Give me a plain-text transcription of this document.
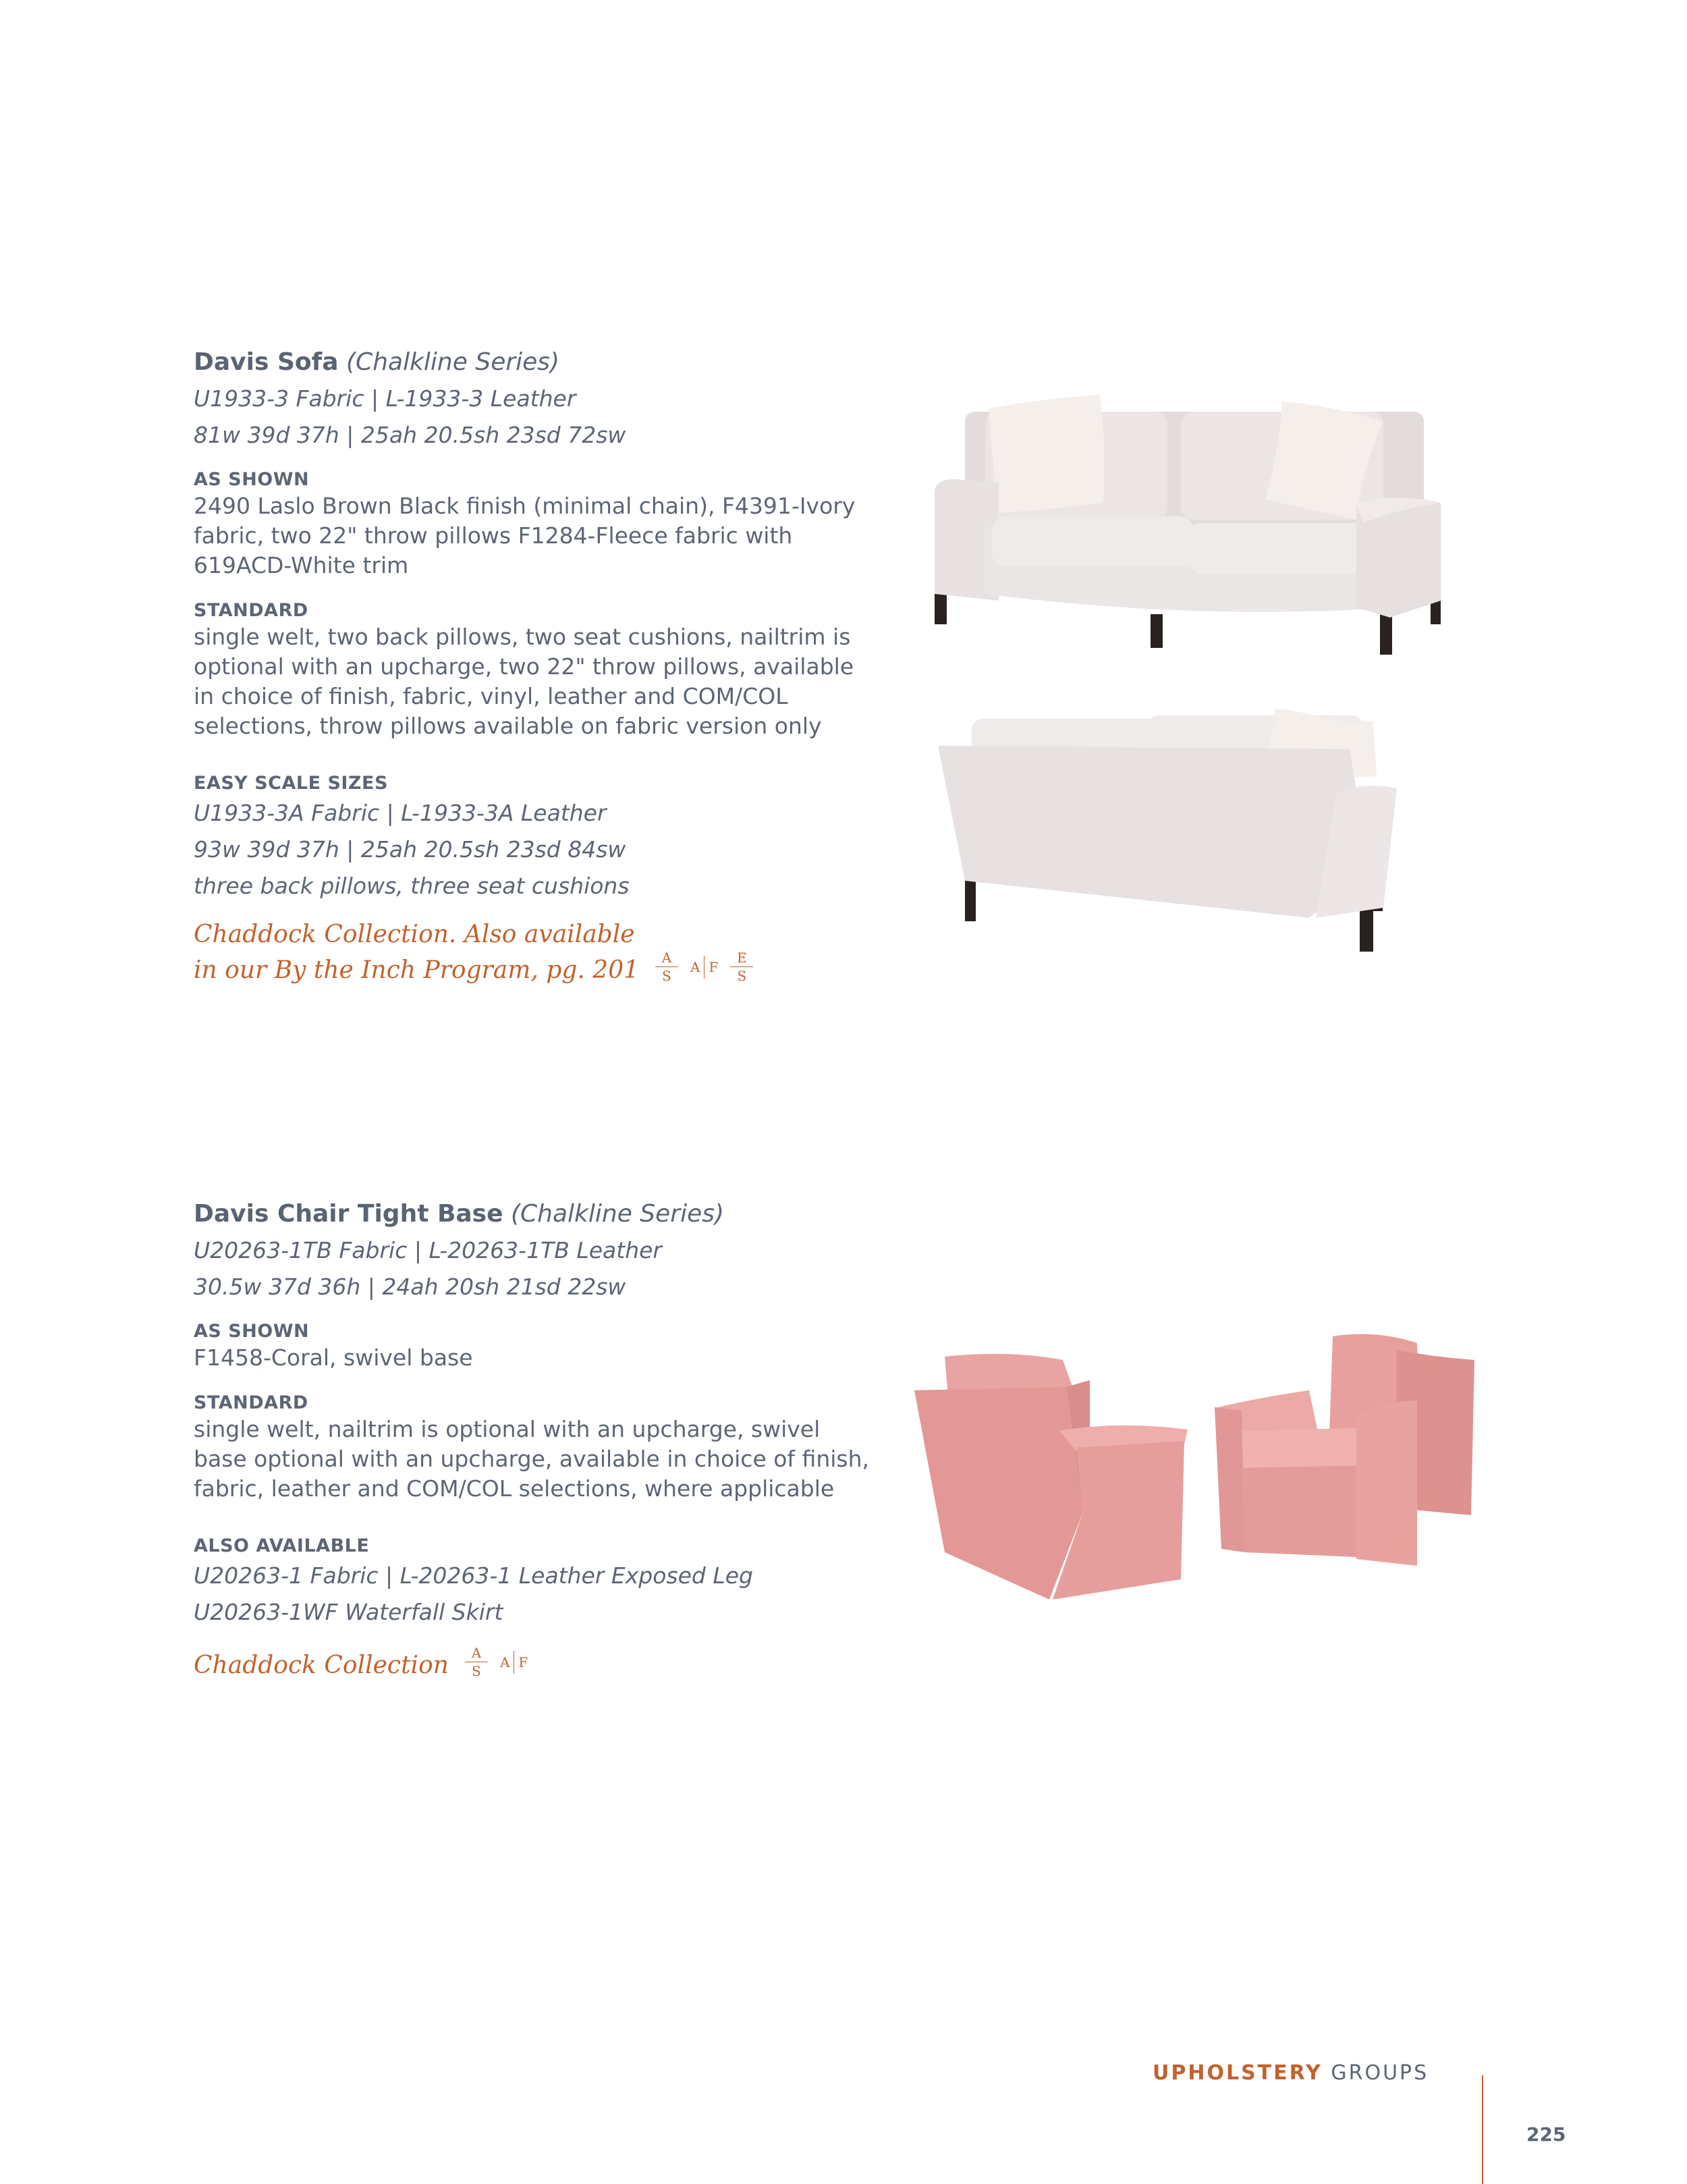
Davis Sofa (Chalkline Series)
U1933-3 Fabric | L-1933-3 Leather
81w 39d 37h | 25ah 20.5sh 23sd 72sw

AS SHOWN

2490 Laslo Brown Black finish (minimal chain), F4391-Ivory fabric, two 22" throw pillows F1284-Fleece fabric with 619ACD-White trim

STANDARD

single welt, two back pillows, two seat cushions, nailtrim is optional with an upcharge, two 22" throw pillows, available in choice of finish, fabric, vinyl, leather and COM/COL selections, throw pillows available on fabric version only

EASY SCALE SIZES

U1933-3A Fabric | L-1933-3A Leather
93w 39d 37h | 25ah 20.5sh 23sd 84sw
three back pillows, three seat cushions
Chaddock Collection. Also available
in our By the Inch Program, pg. $201 \frac{A}{S}$ A F $\frac{E}{S}$
Davis Chair Tight Base (Chalkline Series)
U20263-1TB Fabric | L-20263-1TB Leather
30.5w 37d 36h | 24ah 20sh 21sd 22sw

AS SHOWN

F1458-Coral, swivel base

STANDARD

single welt, nailtrim is optional with an upcharge, swivel base optional with an upcharge, available in choice of finish, fabric, leather and COM/COL selections, where applicable

ALSO AVAILABLE

U20263-1 Fabric | L-20263-1 Leather Exposed Leg
U20263-1WF Waterfall Skirt
Chaddock Collection $\frac{A}{S}$ A F
UPHOLSTERY GROUPS
225
